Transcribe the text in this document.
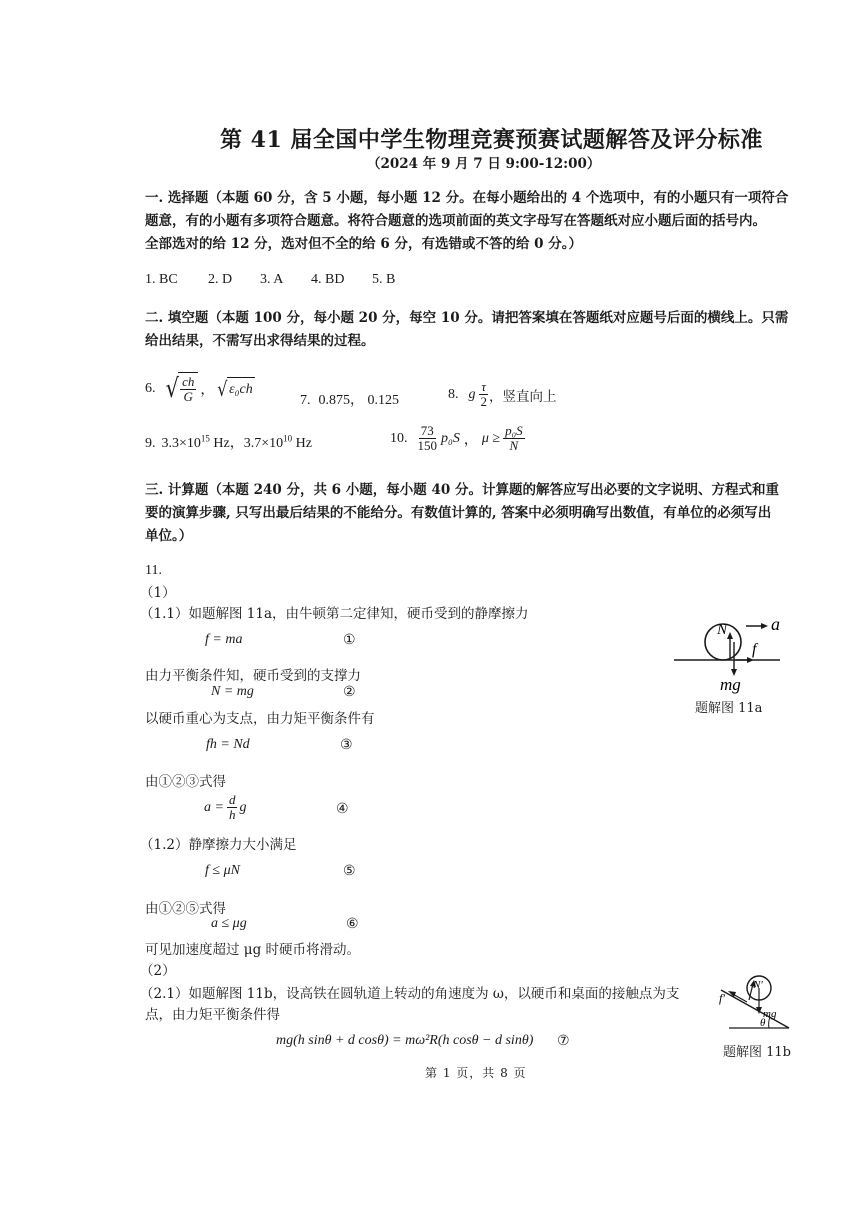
第 41 届全国中学生物理竞赛预赛试题解答及评分标准
（2024 年 9 月 7 日 9:00-12:00）
一. 选择题（本题 60 分，含 5 小题，每小题 12 分。在每小题给出的 4 个选项中，有的小题只有一项符合
题意，有的小题有多项符合题意。将符合题意的选项前面的英文字母写在答题纸对应小题后面的括号内。
全部选对的给 12 分，选对但不全的给 6 分，有选错或不答的给 0 分。）
1. BC 2. D 3. A 4. BD 5. B
二. 填空题（本题 100 分，每小题 20 分，每空 10 分。请把答案填在答题纸对应题号后面的横线上。只需
给出结果，不需写出求得结果的过程。
6. √ $\frac{ch}{G}$ ， √ ε₀ch
7. 0.875， 0.125	8. g $\frac{\tau}{2}$ ，竖直向上
9. $3.3\times 10^{15}$ Hz，$3.7\times 10^{10}$ Hz	10. $\frac{73}{150} p_0S$ ， $\mu \ge \frac{\text{p₀S}}{N}$
三. 计算题（本题 240 分，共 6 小题，每小题 40 分。计算题的解答应写出必要的文字说明、方程式和重
要的演算步骤, 只写出最后结果的不能给分。有数值计算的, 答案中必须明确写出数值，有单位的必须写出
单位。）
11.
（1）
（1.1）如题解图 11a，由牛顿第二定律知，硬币受到的静摩擦力
f = ma	①
由力平衡条件知，硬币受到的支撑力
N = mg	②
以硬币重心为支点，由力矩平衡条件有
fh = Nd	③
由①②③式得
$a = \frac{d}{h}$ g	④
（1.2）静摩擦力大小满足
f ≤ μN	⑤
由①②⑤式得
a ≤ μg	⑥
可见加速度超过 μg 时硬币将滑动。
（2）
（2.1）如题解图 11b，设高铁在圆轨道上转动的角速度为 ω，以硬币和桌面的接触点为支
点，由力矩平衡条件得
mg(h sinθ + d cosθ) = mω²R(h cosθ − d sinθ) ⑦
N a
f
mg
题解图 11a
N′
f′
mg
θ
题解图 11b
第 1 页，共 8 页
